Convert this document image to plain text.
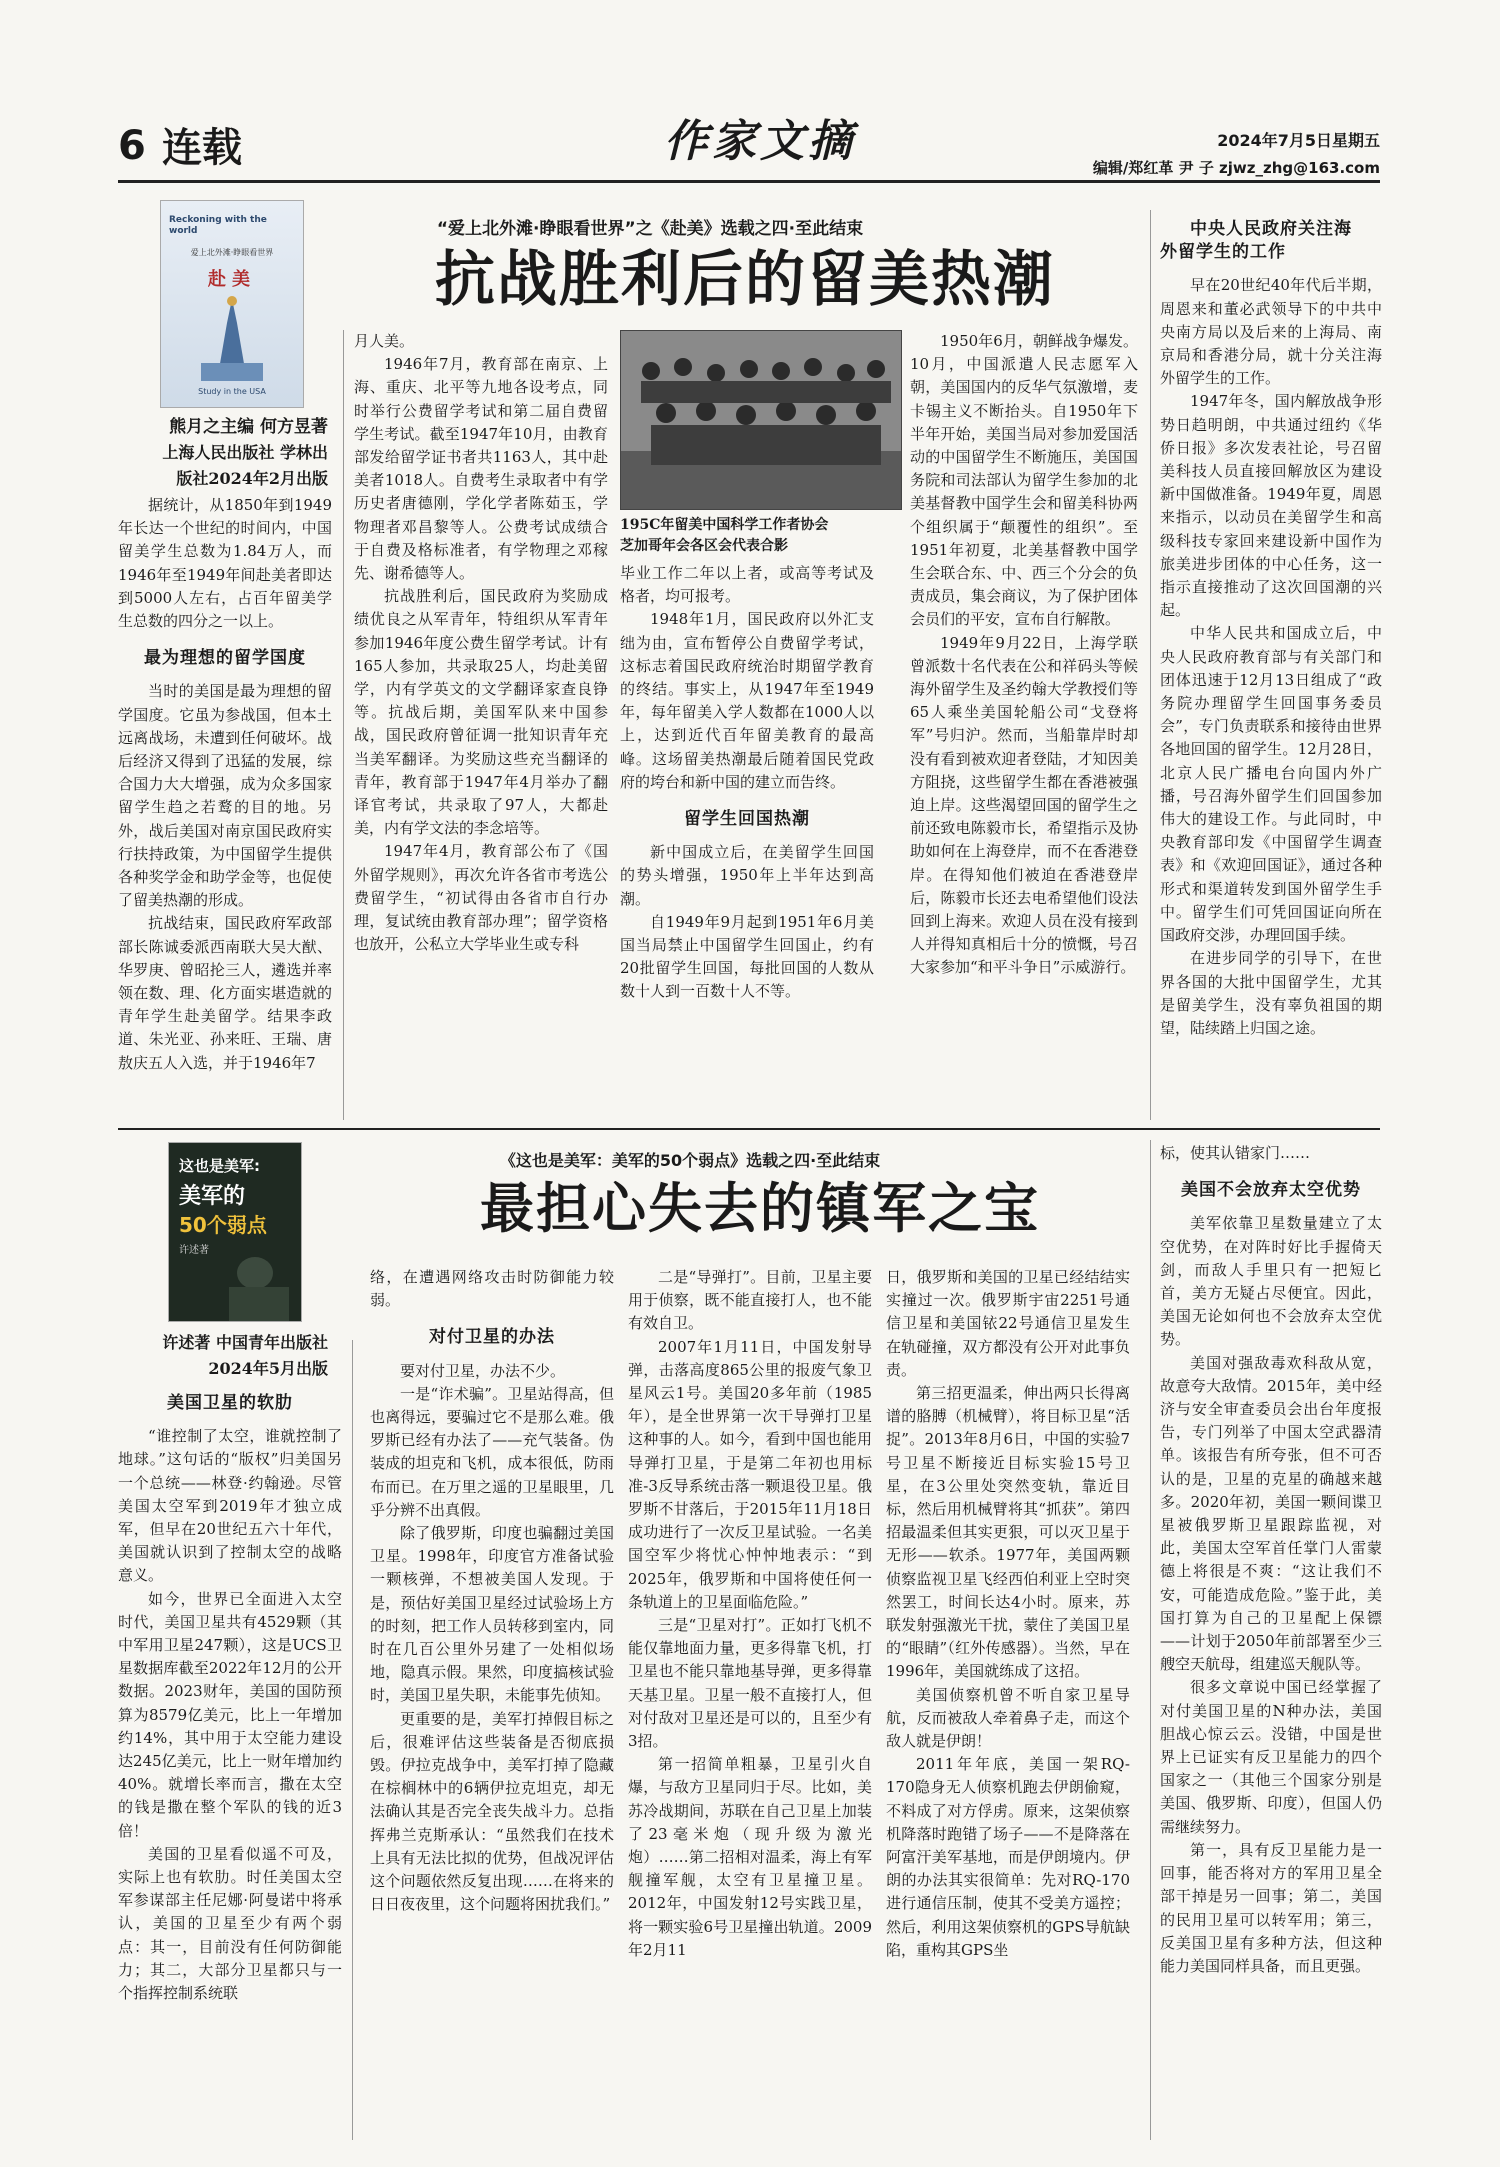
6 连载	作家文摘	2024年7月5日星期五
编辑/郑红革 尹 子 zjwz_zhg@163.com
Reckoning with the world
爱上北外滩·睁眼看世界
赴美
Study in the USA
熊月之主编 何方昱著
上海人民出版社 学林出
版社2024年2月出版
“爱上北外滩·睁眼看世界”之《赴美》选载之四·至此结束
抗战胜利后的留美热潮
195C年留美中国科学工作者协会
芝加哥年会各区会代表合影

据统计，从1850年到1949年长达一个世纪的时间内，中国留美学生总数为1.84万人，而1946年至1949年间赴美者即达到5000人左右，占百年留美学生总数的四分之一以上。

最为理想的留学国度

当时的美国是最为理想的留学国度。它虽为参战国，但本土远离战场，未遭到任何破坏。战后经济又得到了迅猛的发展，综合国力大大增强，成为众多国家留学生趋之若鹜的目的地。另外，战后美国对南京国民政府实行扶持政策，为中国留学生提供各种奖学金和助学金等，也促使了留美热潮的形成。

抗战结束，国民政府军政部部长陈诚委派西南联大吴大猷、华罗庚、曾昭抡三人，遴选并率领在数、理、化方面实堪造就的青年学生赴美留学。结果李政道、朱光亚、孙来旺、王瑞、唐敖庆五人入选，并于1946年7

月人美。

1946年7月，教育部在南京、上海、重庆、北平等九地各设考点，同时举行公费留学考试和第二届自费留学生考试。截至1947年10月，由教育部发给留学证书者共1163人，其中赴美者1018人。自费考生录取者中有学历史者唐德刚，学化学者陈茹玉，学物理者邓昌黎等人。公费考试成绩合于自费及格标准者，有学物理之邓稼先、谢希德等人。

抗战胜利后，国民政府为奖励成绩优良之从军青年，特组织从军青年参加1946年度公费生留学考试。计有165人参加，共录取25人，均赴美留学，内有学英文的文学翻译家查良铮等。抗战后期，美国军队来中国参战，国民政府曾征调一批知识青年充当美军翻译。为奖励这些充当翻译的青年，教育部于1947年4月举办了翻译官考试，共录取了97人，大都赴美，内有学文法的李念培等。

1947年4月，教育部公布了《国外留学规则》，再次允许各省市考选公费留学生，“初试得由各省市自行办理，复试统由教育部办理”；留学资格也放开，公私立大学毕业生或专科

毕业工作二年以上者，或高等考试及格者，均可报考。

1948年1月，国民政府以外汇支绌为由，宣布暂停公自费留学考试，这标志着国民政府统治时期留学教育的终结。事实上，从1947年至1949年，每年留美入学人数都在1000人以上，达到近代百年留美教育的最高峰。这场留美热潮最后随着国民党政府的垮台和新中国的建立而告终。

留学生回国热潮

新中国成立后，在美留学生回国的势头增强，1950年上半年达到高潮。

自1949年9月起到1951年6月美国当局禁止中国留学生回国止，约有20批留学生回国，每批回国的人数从数十人到一百数十人不等。

1950年6月，朝鲜战争爆发。10月，中国派遣人民志愿军入朝，美国国内的反华气氛激增，麦卡锡主义不断抬头。自1950年下半年开始，美国当局对参加爱国活动的中国留学生不断施压，美国国务院和司法部认为留学生参加的北美基督教中国学生会和留美科协两个组织属于“颠覆性的组织”。至1951年初夏，北美基督教中国学生会联合东、中、西三个分会的负责成员，集会商议，为了保护团体会员们的平安，宣布自行解散。

1949年9月22日，上海学联曾派数十名代表在公和祥码头等候海外留学生及圣约翰大学教授们等65人乘坐美国轮船公司“戈登将军”号归沪。然而，当船靠岸时却没有看到被欢迎者登陆，才知因美方阻挠，这些留学生都在香港被强迫上岸。这些渴望回国的留学生之前还致电陈毅市长，希望指示及协助如何在上海登岸，而不在香港登岸。在得知他们被迫在香港登岸后，陈毅市长还去电希望他们设法回到上海来。欢迎人员在没有接到人并得知真相后十分的愤慨，号召大家参加“和平斗争日”示威游行。

中央人民政府关注海
外留学生的工作

早在20世纪40年代后半期，周恩来和董必武领导下的中共中央南方局以及后来的上海局、南京局和香港分局，就十分关注海外留学生的工作。

1947年冬，国内解放战争形势日趋明朗，中共通过纽约《华侨日报》多次发表社论，号召留美科技人员直接回解放区为建设新中国做准备。1949年夏，周恩来指示，以动员在美留学生和高级科技专家回来建设新中国作为旅美进步团体的中心任务，这一指示直接推动了这次回国潮的兴起。

中华人民共和国成立后，中央人民政府教育部与有关部门和团体迅速于12月13日组成了“政务院办理留学生回国事务委员会”，专门负责联系和接待由世界各地回国的留学生。12月28日，北京人民广播电台向国内外广播，号召海外留学生们回国参加伟大的建设工作。与此同时，中央教育部印发《中国留学生调查表》和《欢迎回国证》，通过各种形式和渠道转发到国外留学生手中。留学生们可凭回国证向所在国政府交涉，办理回国手续。

在进步同学的引导下，在世界各国的大批中国留学生，尤其是留美学生，没有辜负祖国的期望，陆续踏上归国之途。

这也是美军:
美军的
50个弱点
许述著
许述著 中国青年出版社
2024年5月出版
《这也是美军：美军的50个弱点》选载之四·至此结束
最担心失去的镇军之宝
美国卫星的软肋

“谁控制了太空，谁就控制了地球。”这句话的“版权”归美国另一个总统——林登·约翰逊。尽管美国太空军到2019年才独立成军，但早在20世纪五六十年代，美国就认识到了控制太空的战略意义。

如今，世界已全面进入太空时代，美国卫星共有4529颗（其中军用卫星247颗），这是UCS卫星数据库截至2022年12月的公开数据。2023财年，美国的国防预算为8579亿美元，比上一年增加约14%，其中用于太空能力建设达245亿美元，比上一财年增加约40%。就增长率而言，撒在太空的钱是撒在整个军队的钱的近3倍！

美国的卫星看似遥不可及，实际上也有软肋。时任美国太空军参谋部主任尼娜·阿曼诺中将承认，美国的卫星至少有两个弱点：其一，目前没有任何防御能力；其二，大部分卫星都只与一个指挥控制系统联

络，在遭遇网络攻击时防御能力较弱。

对付卫星的办法

要对付卫星，办法不少。

一是“诈术骗”。卫星站得高，但也离得远，要骗过它不是那么难。俄罗斯已经有办法了——充气装备。伪装成的坦克和飞机，成本很低，防雨布而已。在万里之遥的卫星眼里，几乎分辨不出真假。

除了俄罗斯，印度也骗翻过美国卫星。1998年，印度官方准备试验一颗核弹，不想被美国人发现。于是，预估好美国卫星经过试验场上方的时刻，把工作人员转移到室内，同时在几百公里外另建了一处相似场地，隐真示假。果然，印度搞核试验时，美国卫星失职，未能事先侦知。

更重要的是，美军打掉假目标之后，很难评估这些装备是否彻底损毁。伊拉克战争中，美军打掉了隐藏在棕榈林中的6辆伊拉克坦克，却无法确认其是否完全丧失战斗力。总指挥弗兰克斯承认：“虽然我们在技术上具有无法比拟的优势，但战况评估这个问题依然反复出现……在将来的日日夜夜里，这个问题将困扰我们。”

二是“导弹打”。目前，卫星主要用于侦察，既不能直接打人，也不能有效自卫。

2007年1月11日，中国发射导弹，击落高度865公里的报废气象卫星风云1号。美国20多年前（1985年），是全世界第一次干导弹打卫星这种事的人。如今，看到中国也能用导弹打卫星，于是第二年初也用标准-3反导系统击落一颗退役卫星。俄罗斯不甘落后，于2015年11月18日成功进行了一次反卫星试验。一名美国空军少将忧心忡忡地表示：“到2025年，俄罗斯和中国将使任何一条轨道上的卫星面临危险。”

三是“卫星对打”。正如打飞机不能仅靠地面力量，更多得靠飞机，打卫星也不能只靠地基导弹，更多得靠天基卫星。卫星一般不直接打人，但对付敌对卫星还是可以的，且至少有3招。

第一招简单粗暴，卫星引火自爆，与敌方卫星同归于尽。比如，美苏冷战期间，苏联在自己卫星上加装了23毫米炮（现升级为激光炮）……第二招相对温柔，海上有军舰撞军舰，太空有卫星撞卫星。2012年，中国发射12号实践卫星，将一颗实验6号卫星撞出轨道。2009年2月11

日，俄罗斯和美国的卫星已经结结实实撞过一次。俄罗斯宇宙2251号通信卫星和美国铱22号通信卫星发生在轨碰撞，双方都没有公开对此事负责。

第三招更温柔，伸出两只长得离谱的胳膊（机械臂），将目标卫星“活捉”。2013年8月6日，中国的实验7号卫星不断接近目标实验15号卫星，在3公里处突然变轨，靠近目标，然后用机械臂将其“抓获”。第四招最温柔但其实更狠，可以灭卫星于无形——软杀。1977年，美国两颗侦察监视卫星飞经西伯利亚上空时突然罢工，时间长达4小时。原来，苏联发射强激光干扰，蒙住了美国卫星的“眼睛”（红外传感器）。当然，早在1996年，美国就练成了这招。

美国侦察机曾不听自家卫星导航，反而被敌人牵着鼻子走，而这个敌人就是伊朗！

2011年年底，美国一架RQ-170隐身无人侦察机跑去伊朗偷窥，不料成了对方俘虏。原来，这架侦察机降落时跑错了场子——不是降落在阿富汗美军基地，而是伊朗境内。伊朗的办法其实很简单：先对RQ-170进行通信压制，使其不受美方遥控；然后，利用这架侦察机的GPS导航缺陷，重构其GPS坐

标，使其认错家门……

美国不会放弃太空优势

美军依靠卫星数量建立了太空优势，在对阵时好比手握倚天剑，而敌人手里只有一把短匕首，美方无疑占尽便宜。因此，美国无论如何也不会放弃太空优势。

美国对强敌毒欢科敌从宽，故意夸大敌情。2015年，美中经济与安全审查委员会出台年度报告，专门列举了中国太空武器清单。该报告有所夸张，但不可否认的是，卫星的克星的确越来越多。2020年初，美国一颗间谍卫星被俄罗斯卫星跟踪监视，对此，美国太空军首任掌门人雷蒙德上将很是不爽：“这让我们不安，可能造成危险。”鉴于此，美国打算为自己的卫星配上保镖——计划于2050年前部署至少三艘空天航母，组建巡天舰队等。

很多文章说中国已经掌握了对付美国卫星的N种办法，美国胆战心惊云云。没错，中国是世界上已证实有反卫星能力的四个国家之一（其他三个国家分别是美国、俄罗斯、印度），但国人仍需继续努力。

第一，具有反卫星能力是一回事，能否将对方的军用卫星全部干掉是另一回事；第二，美国的民用卫星可以转军用；第三，反美国卫星有多种方法，但这种能力美国同样具备，而且更强。
